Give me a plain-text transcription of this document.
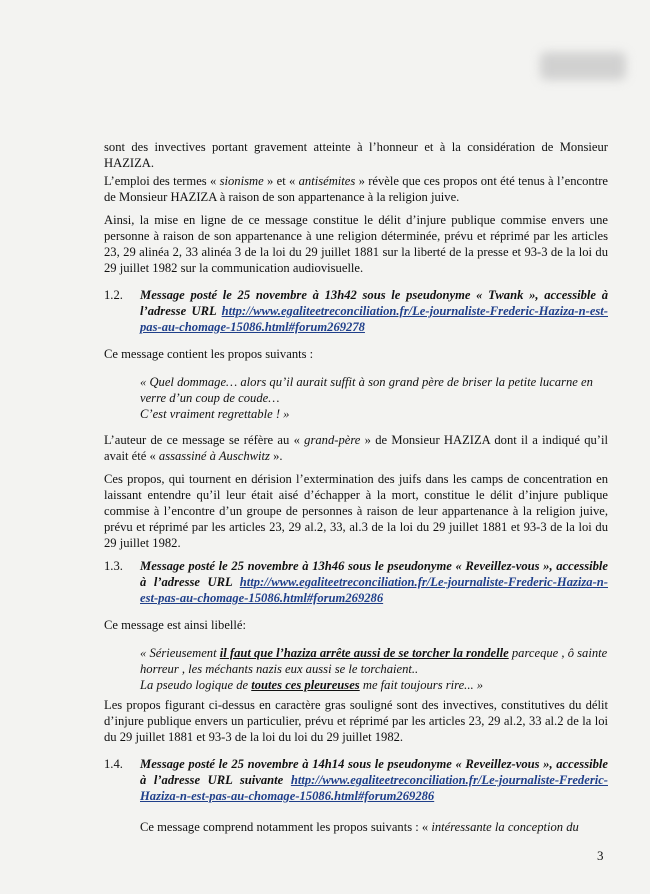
sont des invectives portant gravement atteinte à l’honneur et à la considération de Monsieur HAZIZA.
L’emploi des termes « sionisme » et « antisémites » révèle que ces propos ont été tenus à l’encontre de Monsieur HAZIZA à raison de son appartenance à la religion juive.
Ainsi, la mise en ligne de ce message constitue le délit d’injure publique commise envers une personne à raison de son appartenance à une religion déterminée, prévu et réprimé par les articles 23, 29 alinéa 2, 33 alinéa 3 de la loi du 29 juillet 1881 sur la liberté de la presse et 93-3 de la loi du 29 juillet 1982 sur la communication audiovisuelle.
1.2. Message posté le 25 novembre à 13h42 sous le pseudonyme « Twank », accessible à l’adresse URL http://www.egaliteetreconciliation.fr/Le-journaliste-Frederic-Haziza-n-est-pas-au-chomage-15086.html#forum269278
Ce message contient les propos suivants :
« Quel dommage… alors qu’il aurait suffit à son grand père de briser la petite lucarne en verre d’un coup de coude…
C’est vraiment regrettable ! »
L’auteur de ce message se réfère au « grand-père » de Monsieur HAZIZA dont il a indiqué qu’il avait été « assassiné à Auschwitz ».
Ces propos, qui tournent en dérision l’extermination des juifs dans les camps de concentration en laissant entendre qu’il leur était aisé d’échapper à la mort, constitue le délit d’injure publique commise à l’encontre d’un groupe de personnes à raison de leur appartenance à la religion juive, prévu et réprimé par les articles 23, 29 al.2, 33, al.3 de la loi du 29 juillet 1881 et 93-3 de la loi du 29 juillet 1982.
1.3. Message posté le 25 novembre à 13h46 sous le pseudonyme « Reveillez-vous », accessible à l’adresse URL http://www.egaliteetreconciliation.fr/Le-journaliste-Frederic-Haziza-n-est-pas-au-chomage-15086.html#forum269286
Ce message est ainsi libellé:
« Sérieusement il faut que l’haziza arrête aussi de se torcher la rondelle parceque , ô sainte horreur , les méchants nazis eux aussi se le torchaient..
La pseudo logique de toutes ces pleureuses me fait toujours rire... »
Les propos figurant ci-dessus en caractère gras souligné sont des invectives, constitutives du délit d’injure publique envers un particulier, prévu et réprimé par les articles 23, 29 al.2, 33 al.2 de la loi du 29 juillet 1881 et 93-3 de la loi du loi du 29 juillet 1982.
1.4. Message posté le 25 novembre à 14h14 sous le pseudonyme « Reveillez-vous », accessible à l’adresse URL suivante http://www.egaliteetreconciliation.fr/Le-journaliste-Frederic-Haziza-n-est-pas-au-chomage-15086.html#forum269286
Ce message comprend notamment les propos suivants : « intéressante la conception du
3
